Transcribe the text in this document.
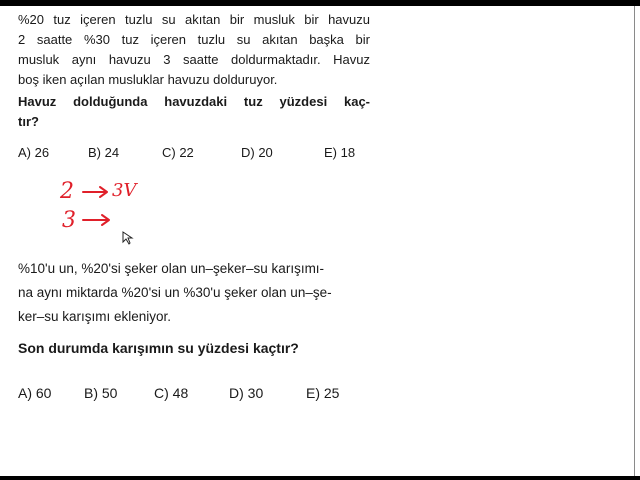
%20 tuz içeren tuzlu su akıtan bir musluk bir havuzu
2 saatte %30 tuz içeren tuzlu su akıtan başka bir
musluk aynı havuzu 3 saatte doldurmaktadır. Havuz
boş iken açılan musluklar havuzu dolduruyor.
Havuz dolduğunda havuzdaki tuz yüzdesi kaç-
tır?
A) 26	B) 24	C) 22	D) 20	E) 18
2 3V
3
%10'u un, %20'si şeker olan un–şeker–su karışımı-
na aynı miktarda %20'si un %30'u şeker olan un–şe-
ker–su karışımı ekleniyor.
Son durumda karışımın su yüzdesi kaçtır?
A) 60 B) 50	C) 48	D) 30	E) 25
